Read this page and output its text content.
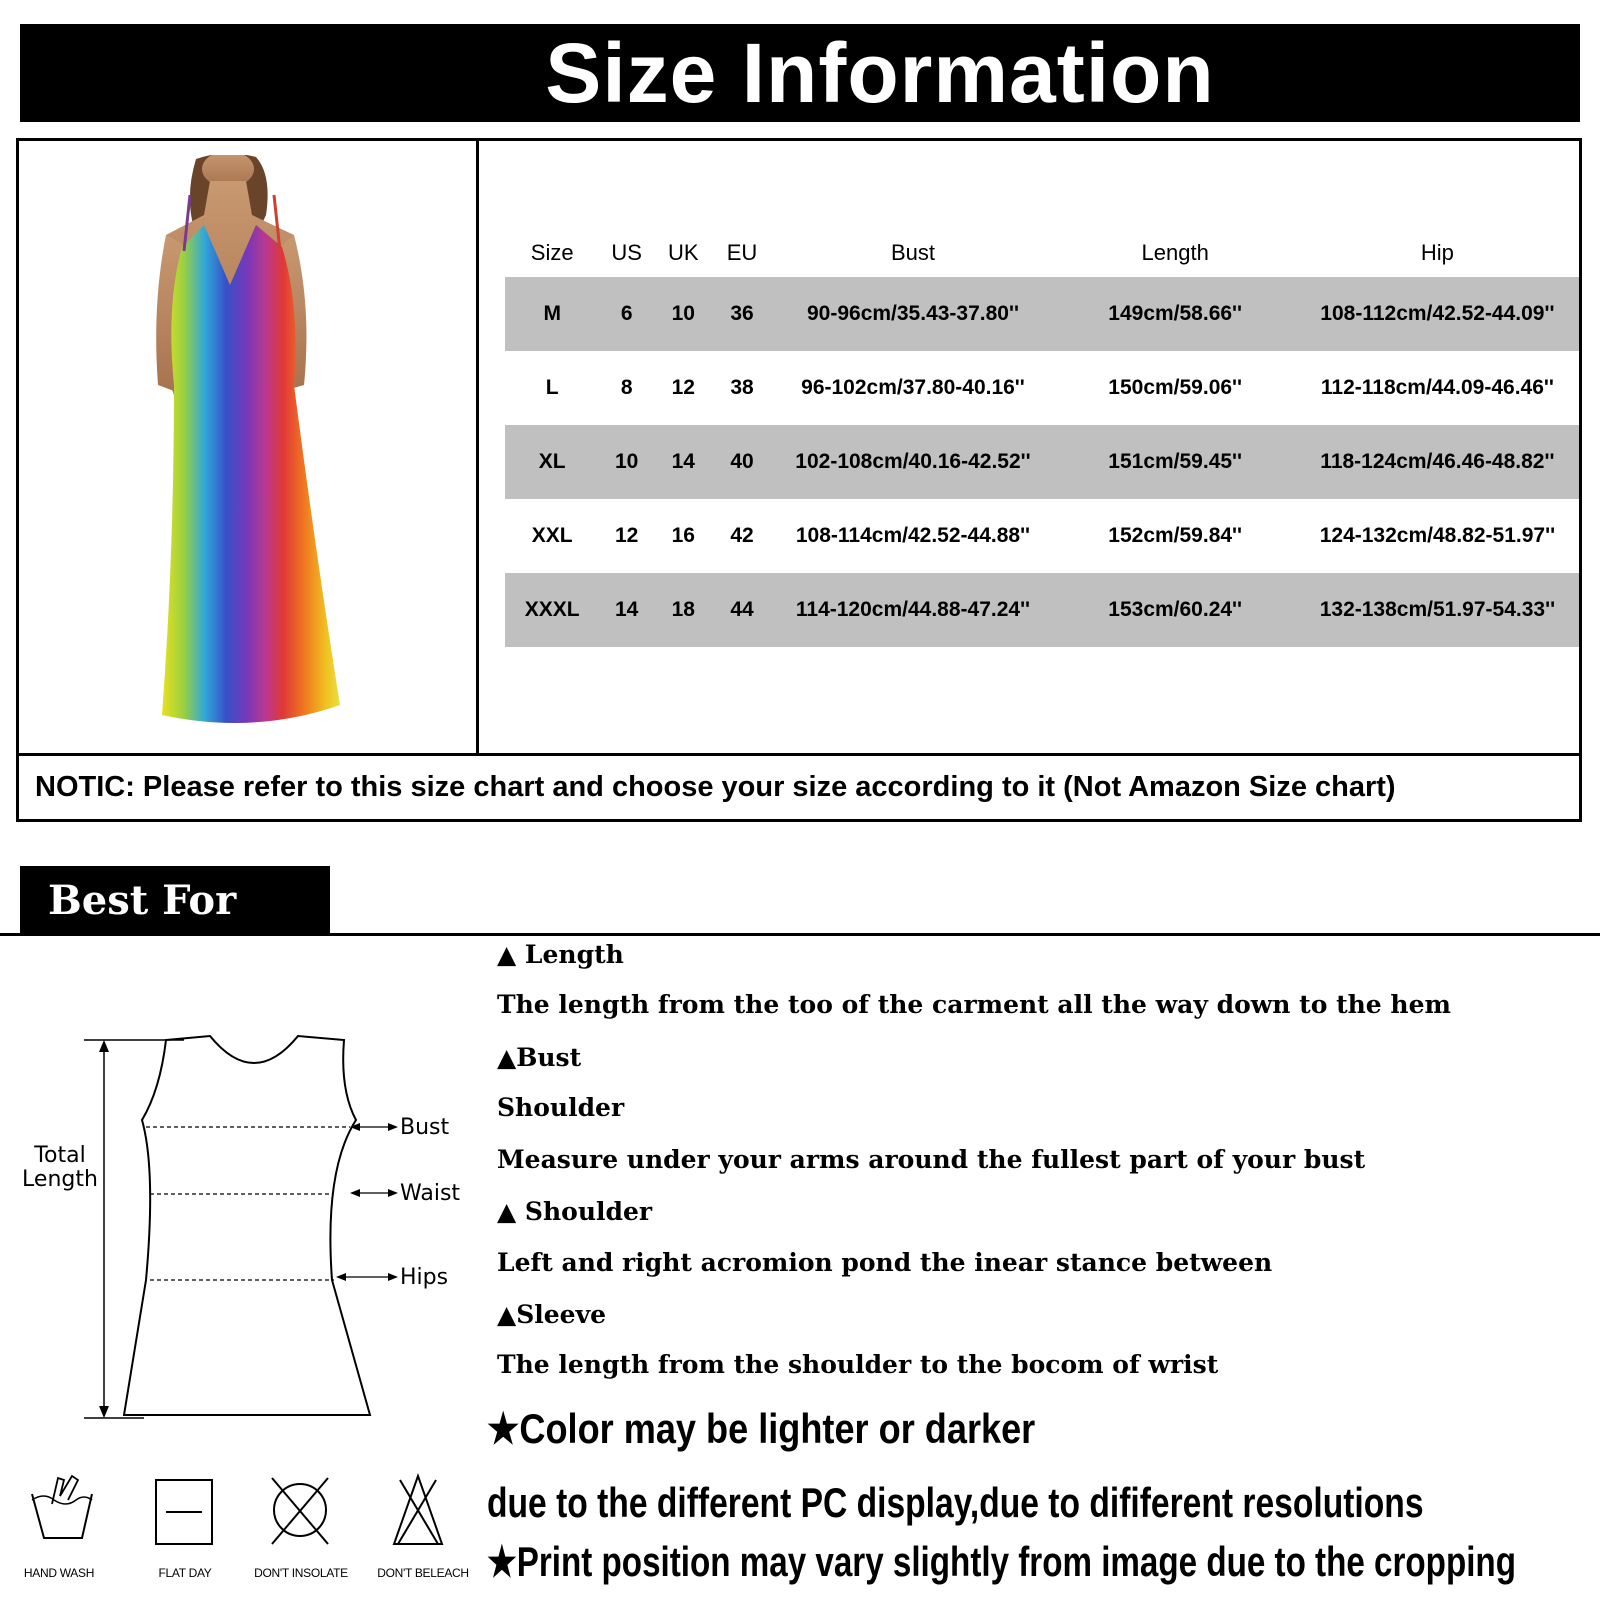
Size Information
Size	US	UK	EU	Bust	Length	Hip
M	6	10	36	90-96cm/35.43-37.80''	149cm/58.66''	108-112cm/42.52-44.09''
L	8	12	38	96-102cm/37.80-40.16''	150cm/59.06''	112-118cm/44.09-46.46''
XL	10	14	40	102-108cm/40.16-42.52''	151cm/59.45''	118-124cm/46.46-48.82''
XXL	12	16	42	108-114cm/42.52-44.88''	152cm/59.84''	124-132cm/48.82-51.97''
XXXL	14	18	44	114-120cm/44.88-47.24''	153cm/60.24''	132-138cm/51.97-54.33''
NOTIC: Please refer to this size chart and choose your size according to it (Not Amazon Size chart)
Best For You
Total
Length
Bust
Waist
Hips
HAND WASH	FLAT DAY	DON'T INSOLATE	DON'T BELEACH
▲ Length
The length from the too of the carment all the way down to the hem
▲Bust
Shoulder
Measure under your arms around the fullest part of your bust
▲ Shoulder
Left and right acromion pond the inear stance between
▲Sleeve
The length from the shoulder to the bocom of wrist
★Color may be lighter or darker
due to the different PC display,due to dififerent resolutions
★Print position may vary slightly from image due to the cropping
